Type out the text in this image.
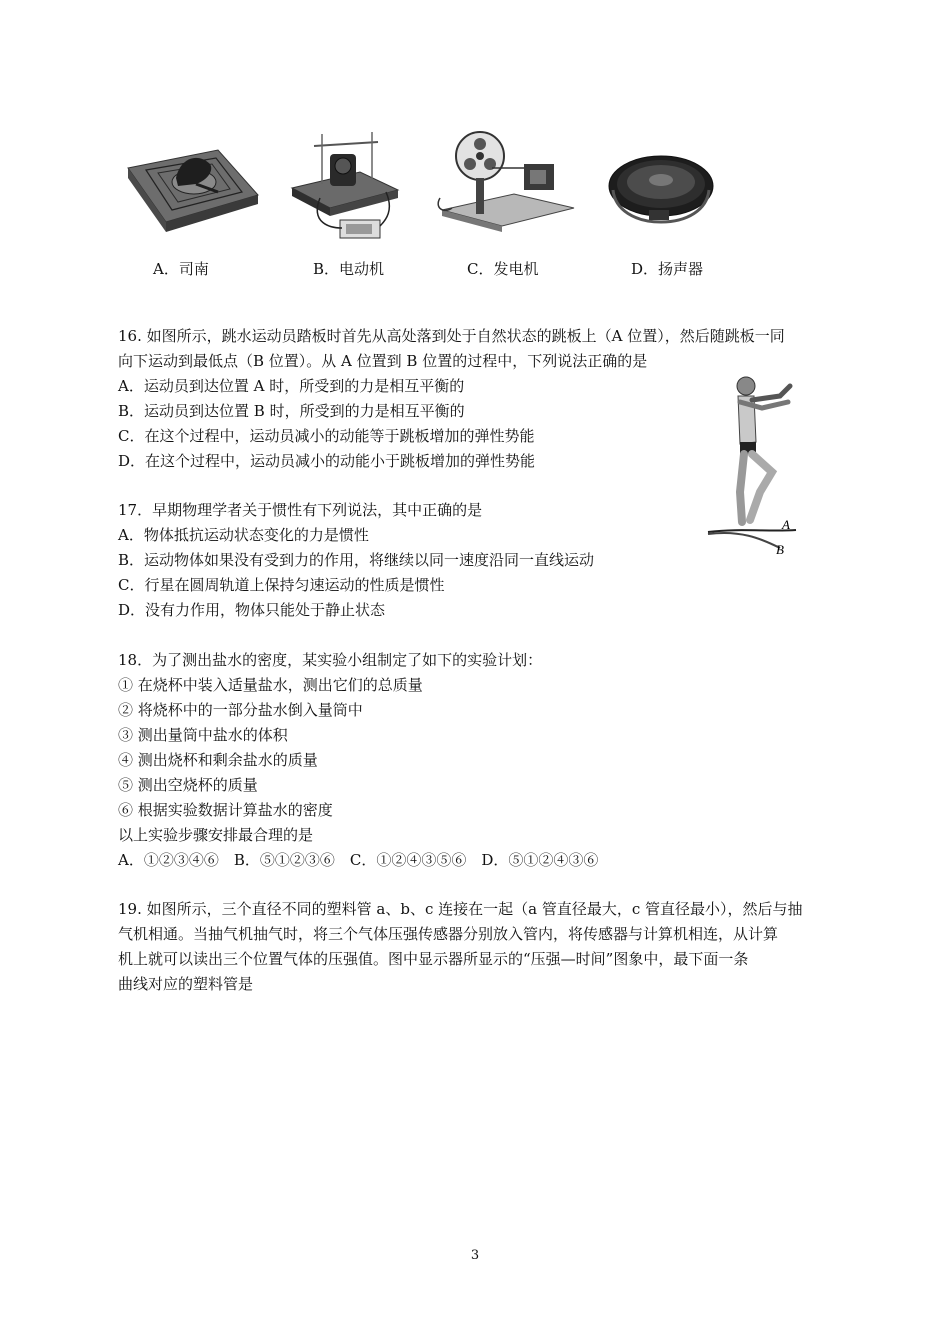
A．司南	B．电动机	C．发电机	D．扬声器
16. 如图所示，跳水运动员踏板时首先从高处落到处于自然状态的跳板上（A 位置），然后随跳板一同
向下运动到最低点（B 位置）。从 A 位置到 B 位置的过程中，下列说法正确的是
A．运动员到达位置 A 时，所受到的力是相互平衡的
B．运动员到达位置 B 时，所受到的力是相互平衡的
C．在这个过程中，运动员减小的动能等于跳板增加的弹性势能
D．在这个过程中，运动员减小的动能小于跳板增加的弹性势能
A
B
17．早期物理学者关于惯性有下列说法，其中正确的是
A．物体抵抗运动状态变化的力是惯性
B．运动物体如果没有受到力的作用，将继续以同一速度沿同一直线运动
C．行星在圆周轨道上保持匀速运动的性质是惯性
D．没有力作用，物体只能处于静止状态
18．为了测出盐水的密度，某实验小组制定了如下的实验计划：
① 在烧杯中装入适量盐水，测出它们的总质量
② 将烧杯中的一部分盐水倒入量筒中
③ 测出量筒中盐水的体积
④ 测出烧杯和剩余盐水的质量
⑤ 测出空烧杯的质量
⑥ 根据实验数据计算盐水的密度
以上实验步骤安排最合理的是
A．①②③④⑥　B．⑤①②③⑥　C．①②④③⑤⑥　D．⑤①②④③⑥
19. 如图所示，三个直径不同的塑料管 a、b、c 连接在一起（a 管直径最大，c 管直径最小），然后与抽
气机相通。当抽气机抽气时，将三个气体压强传感器分别放入管内，将传感器与计算机相连，从计算
机上就可以读出三个位置气体的压强值。图中显示器所显示的“压强—时间”图象中，最下面一条
曲线对应的塑料管是
3
